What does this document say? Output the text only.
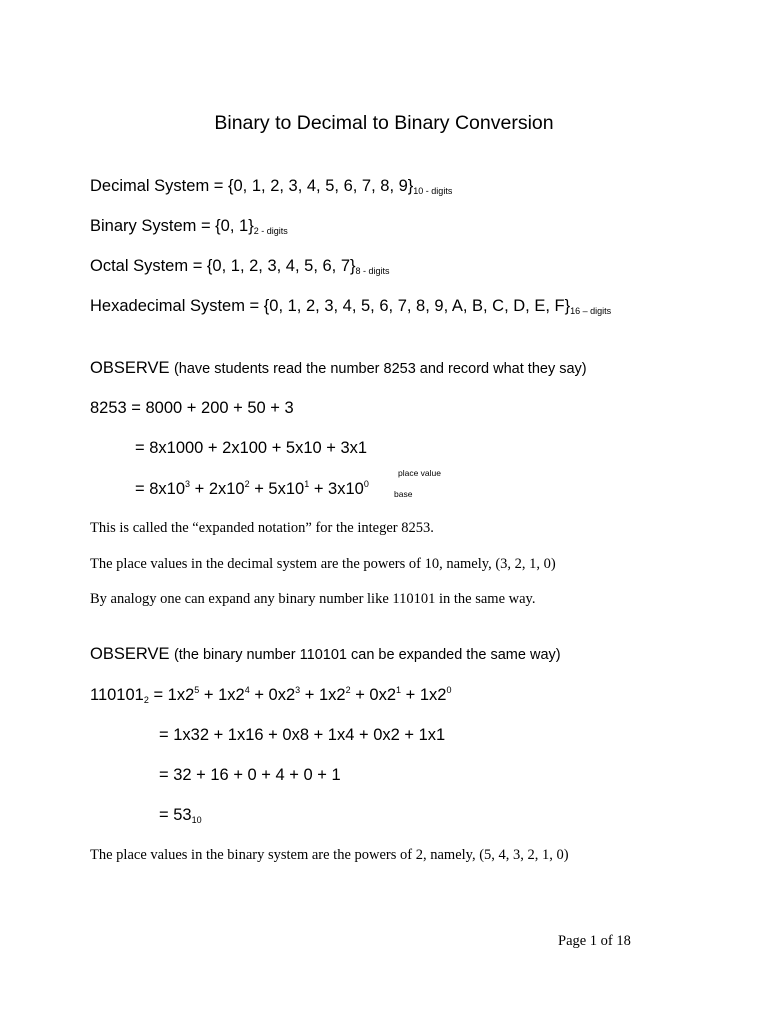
Binary to Decimal to Binary Conversion
Decimal System = {0, 1, 2, 3, 4, 5, 6, 7, 8, 9}10 - digits
Binary System = {0, 1}2 - digits
Octal System = {0, 1, 2, 3, 4, 5, 6, 7}8 - digits
Hexadecimal System = {0, 1, 2, 3, 4, 5, 6, 7, 8, 9, A, B, C, D, E, F}16 – digits
OBSERVE (have students read the number 8253 and record what they say)
8253 = 8000 + 200 + 50 + 3
= 8x1000 + 2x100 + 5x10 + 3x1
place value
= $8x10^3 + 2x10^2 + 5x10^1 + 3x10^0$
base
This is called the “expanded notation” for the integer 8253.
The place values in the decimal system are the powers of 10, namely, (3, 2, 1, 0)
By analogy one can expand any binary number like 110101 in the same way.
OBSERVE (the binary number 110101 can be expanded the same way)
$1101012 = 1x2^5 + 1x2^4 + 0x2^3 + 1x2^2 + 0x2^1 + 1x2^0$
= 1x32 + 1x16 + 0x8 + 1x4 + 0x2 + 1x1
= 32 + 16 + 0 + 4 + 0 + 1
= 5310
The place values in the binary system are the powers of 2, namely, (5, 4, 3, 2, 1, 0)
Page 1 of 18
